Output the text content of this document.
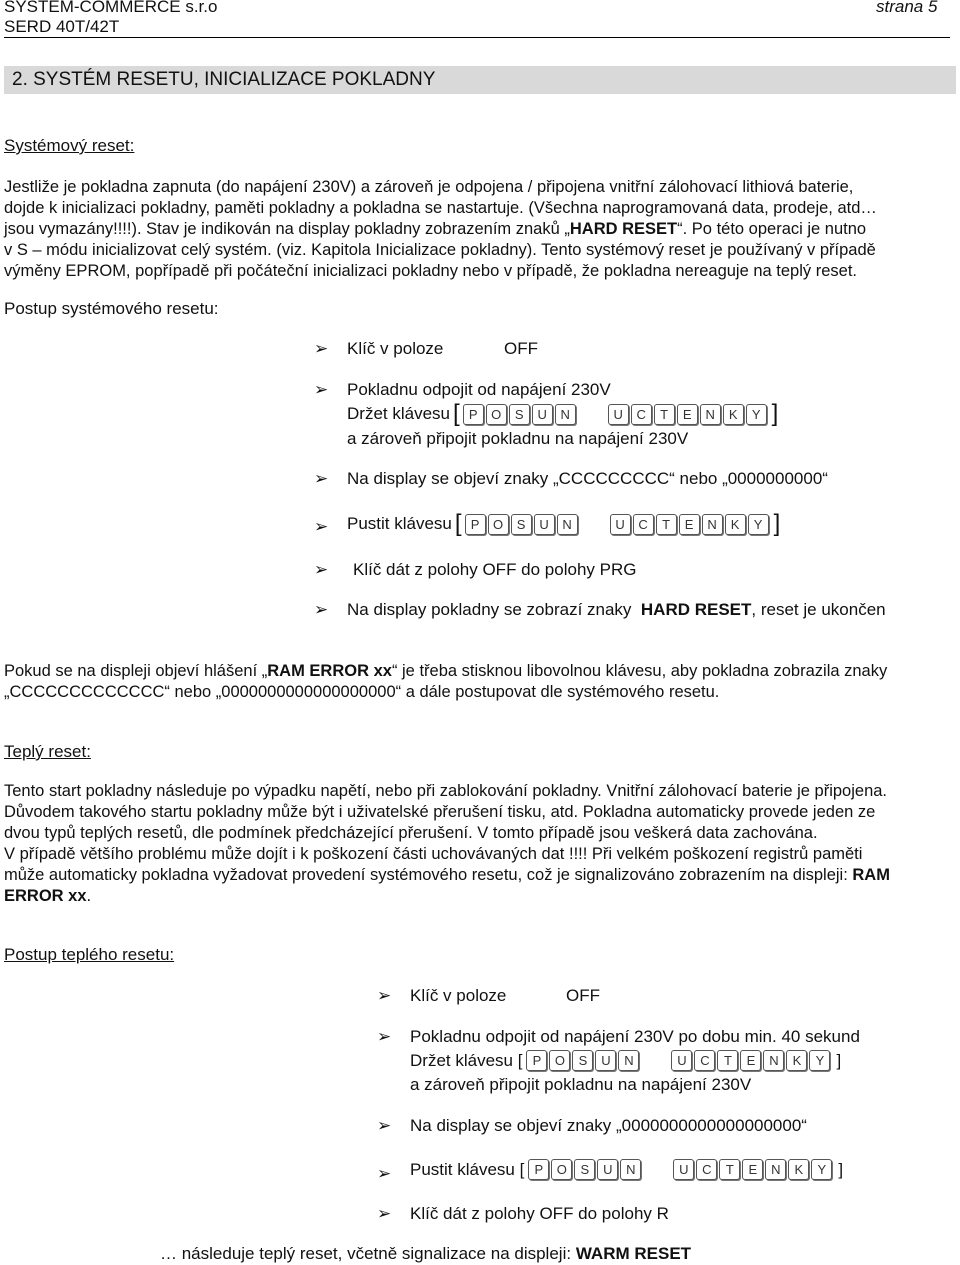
SYSTEM-COMMERCE s.r.o
SERD 40T/42T
strana 5
2. SYSTÉM RESETU, INICIALIZACE POKLADNY
Systémový reset:
Jestliže je pokladna zapnuta (do napájení 230V) a zároveň je odpojena / připojena vnitřní zálohovací lithiová baterie,
dojde k inicializaci pokladny, paměti pokladny a pokladna se nastartuje. (Všechna naprogramovaná data, prodeje, atd…
jsou vymazány!!!!). Stav je indikován na display pokladny zobrazením znaků „HARD RESET“. Po této operaci je nutno
v S – módu inicializovat celý systém. (viz. Kapitola Inicializace pokladny). Tento systémový reset je používaný v případě
výměny EPROM, popřípadě při počáteční inicializaci pokladny nebo v případě, že pokladna nereaguje na teplý reset.
Postup systémového resetu:
➢ Klíč v poloze	OFF
➢ Pokladnu odpojit od napájení 230V
Držet klávesu [ P O S U N	U C T E N K Y ]
a zároveň připojit pokladnu na napájení 230V
➢ Na display se objeví znaky „CCCCCCCCC“ nebo „0000000000“
➢ Pustit klávesu [ P O S U N	U C T E N K Y ]
➢ Klíč dát z polohy OFF do polohy PRG
➢ Na display pokladny se zobrazí znaky HARD RESET, reset je ukončen
Pokud se na displeji objeví hlášení „RAM ERROR xx“ je třeba stisknou libovolnou klávesu, aby pokladna zobrazila znaky
„CCCCCCCCCCCCC“ nebo „0000000000000000000“ a dále postupovat dle systémového resetu.
Teplý reset:
Tento start pokladny následuje po výpadku napětí, nebo při zablokování pokladny. Vnitřní zálohovací baterie je připojena.
Důvodem takového startu pokladny může být i uživatelské přerušení tisku, atd. Pokladna automaticky provede jeden ze
dvou typů teplých resetů, dle podmínek předcházející přerušení. V tomto případě jsou veškerá data zachována.
V případě většího problému může dojít i k poškození části uchovávaných dat !!!! Při velkém poškození registrů paměti
může automaticky pokladna vyžadovat provedení systémového resetu, což je signalizováno zobrazením na displeji: RAM
ERROR xx.
Postup teplého resetu:
➢ Klíč v poloze	OFF
➢ Pokladnu odpojit od napájení 230V po dobu min. 40 sekund
Držet klávesu [ P O S U N	U C T E N K Y ]
a zároveň připojit pokladnu na napájení 230V
➢ Na display se objeví znaky „0000000000000000000“
➢ Pustit klávesu [ P O S U N	U C T E N K Y ]
➢ Klíč dát z polohy OFF do polohy R
… následuje teplý reset, včetně signalizace na displeji: WARM RESET
